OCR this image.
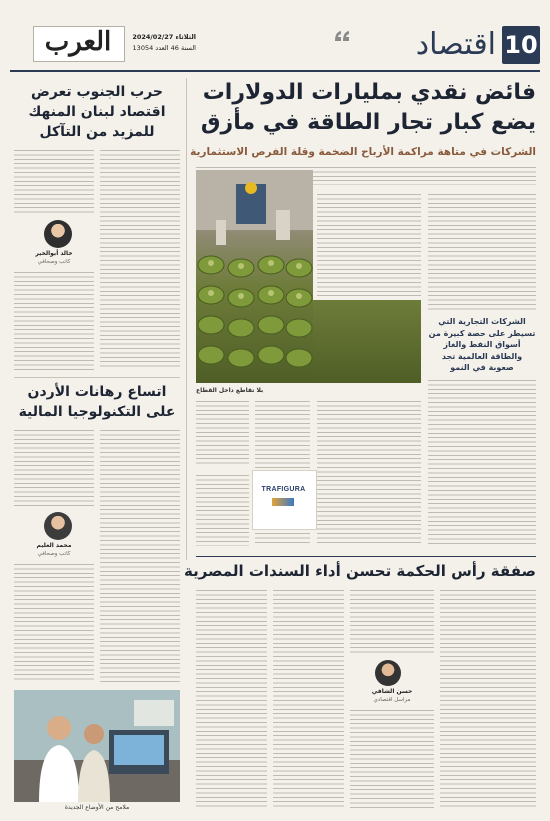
10
اقتصاد
العرب	الثلاثاء 2024/02/27
السنة 46 العدد 13054
فائض نقدي بمليارات الدولارات
يضع كبار تجار الطاقة في مأزق
الشركات في متاهة مراكمة الأرباح الضخمة وقلة الفرص الاستثمارية
الشركات التجارية التي تسيطر على حصة كبيرة من أسواق النفط والغاز والطاقة العالمية تجد صعوبة في النمو
بلا تقاطع داخل القطاع
TRAFIGURA
حرب الجنوب تعرض اقتصاد لبنان المنهك للمزيد من التآكل
خالد أبوالخير
كاتب وصحافي
اتساع رهانات الأردن على التكنولوجيا المالية
محمد العليم
كاتب وصحافي
ملامح من الأوضاع الجديدة
صفقة رأس الحكمة تحسن أداء السندات المصرية
حسن الشافي
مراسل اقتصادي
